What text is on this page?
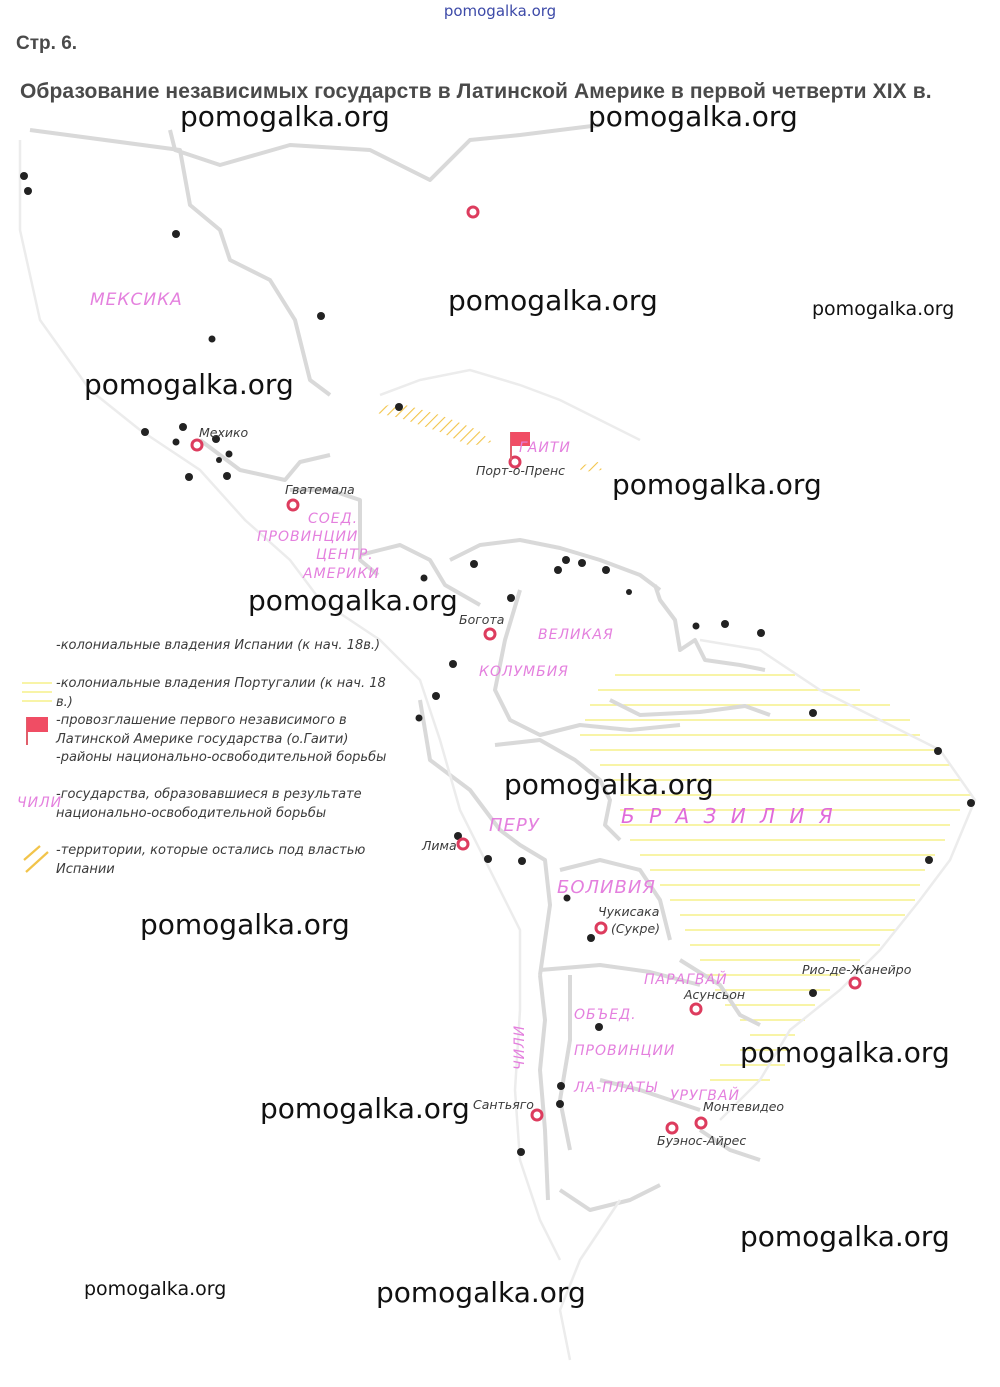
pomogalka.org
Стр. 6.
Образование независимых государств в Латинской Америке в первой четверти XIX в.
МЕКСИКА
ГАИТИ
СОЕД.
ПРОВИНЦИИ
ЦЕНТР.
АМЕРИКИ
ВЕЛИКАЯ
КОЛУМБИЯ
ПЕРУ	Б Р А З И Л И Я
БОЛИВИЯ
ПАРАГВАЙ
ОБЪЕД.
ПРОВИНЦИИ
ЛА-ПЛАТЫ
ЧИЛИ
УРУГВАЙ
Мехико
Гватемала
Порт-о-Пренс
Богота
Лима
Чукисака
(Сукре)
Рио-де-Жанейро
Асунсьон
Монтевидео
Буэнос-Айрес
Сантьяго
ЧИЛИ
-колониальные владения Испании (к нач. 18в.)
-колониальные владения Португалии (к нач. 18 в.)
-провозглашение первого независимого в Латинской Америке государства (о.Гаити)
-районы национально-освободительной борьбы
-государства, образовавшиеся в результате национально-освободительной борьбы
-территории, которые остались под властью Испании
pomogalka.org	pomogalka.org
pomogalka.org	pomogalka.org
pomogalka.org
pomogalka.org
pomogalka.org
pomogalka.org
pomogalka.org
pomogalka.org
pomogalka.org
pomogalka.org
pomogalka.org	pomogalka.org
